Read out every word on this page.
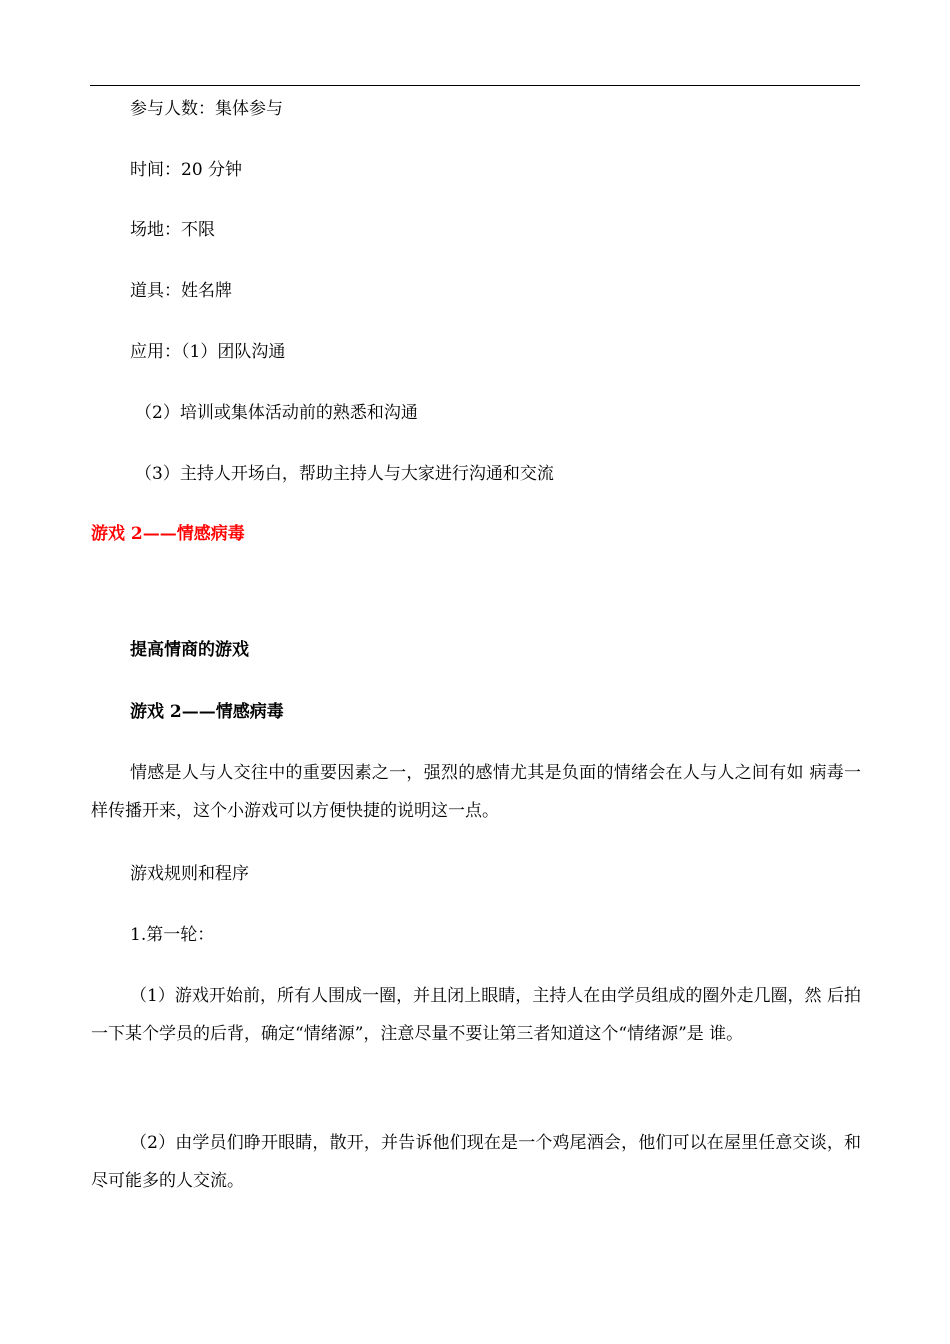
参与人数：集体参与
时间：20 分钟
场地：不限
道具：姓名牌
应用：（1）团队沟通
（2）培训或集体活动前的熟悉和沟通
（3）主持人开场白，帮助主持人与大家进行沟通和交流
游戏 2——情感病毒
提高情商的游戏
游戏 2——情感病毒
情感是人与人交往中的重要因素之一，强烈的感情尤其是负面的情绪会在人与人之间有如 病毒一样传播开来，这个小游戏可以方便快捷的说明这一点。
游戏规则和程序
1.第一轮：
（1）游戏开始前，所有人围成一圈，并且闭上眼睛，主持人在由学员组成的圈外走几圈，然 后拍一下某个学员的后背，确定“情绪源”，注意尽量不要让第三者知道这个“情绪源”是 谁。
（2）由学员们睁开眼睛，散开，并告诉他们现在是一个鸡尾酒会，他们可以在屋里任意交谈，和尽可能多的人交流。
